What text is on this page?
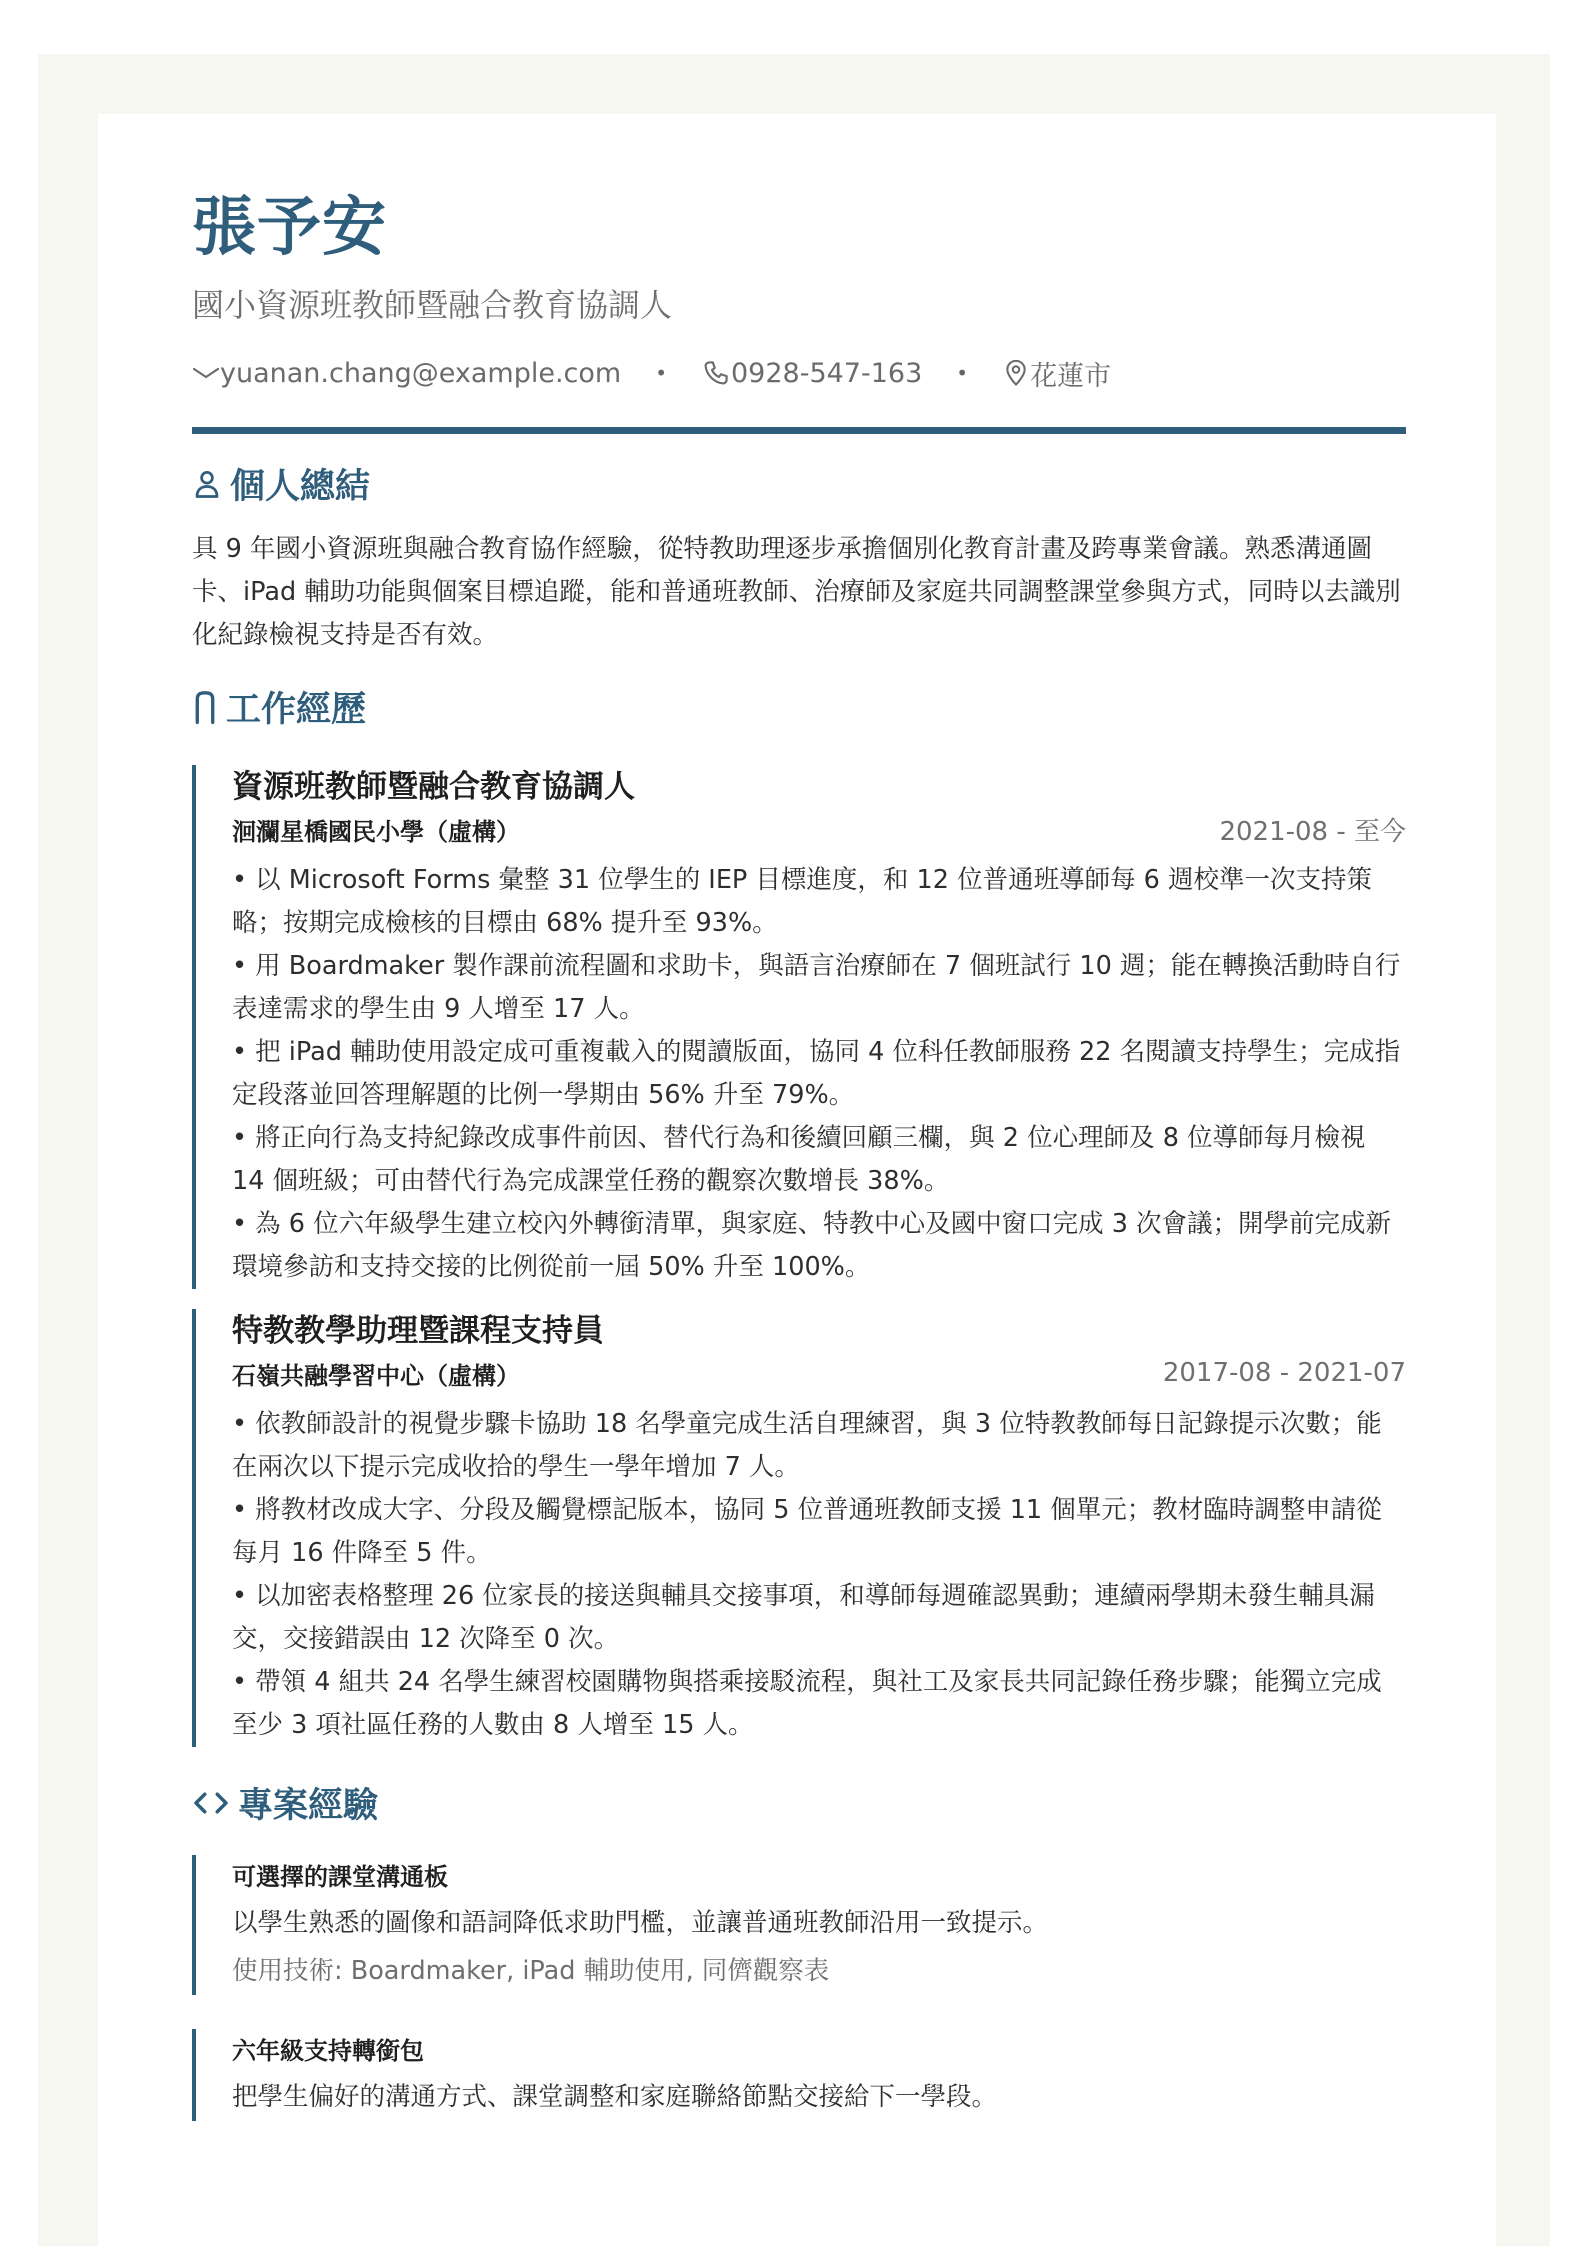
張予安
國小資源班教師暨融合教育協調人
yuanan.chang@example.com • 0928-547-163 • 花蓮市
個人總結
具 9 年國小資源班與融合教育協作經驗，從特教助理逐步承擔個別化教育計畫及跨專業會議。熟悉溝通圖卡、iPad 輔助功能與個案目標追蹤，能和普通班教師、治療師及家庭共同調整課堂參與方式，同時以去識別化紀錄檢視支持是否有效。
工作經歷
資源班教師暨融合教育協調人
洄瀾星橋國民小學（虛構）	2021-08 - 至今
• 以 Microsoft Forms 彙整 31 位學生的 IEP 目標進度，和 12 位普通班導師每 6 週校準一次支持策略；按期完成檢核的目標由 68% 提升至 93%。
• 用 Boardmaker 製作課前流程圖和求助卡，與語言治療師在 7 個班試行 10 週；能在轉換活動時自行表達需求的學生由 9 人增至 17 人。
• 把 iPad 輔助使用設定成可重複載入的閱讀版面，協同 4 位科任教師服務 22 名閱讀支持學生；完成指定段落並回答理解題的比例一學期由 56% 升至 79%。
• 將正向行為支持紀錄改成事件前因、替代行為和後續回顧三欄，與 2 位心理師及 8 位導師每月檢視 14 個班級；可由替代行為完成課堂任務的觀察次數增長 38%。
• 為 6 位六年級學生建立校內外轉銜清單，與家庭、特教中心及國中窗口完成 3 次會議；開學前完成新環境參訪和支持交接的比例從前一屆 50% 升至 100%。
特教教學助理暨課程支持員
石嶺共融學習中心（虛構）	2017-08 - 2021-07
• 依教師設計的視覺步驟卡協助 18 名學童完成生活自理練習，與 3 位特教教師每日記錄提示次數；能在兩次以下提示完成收拾的學生一學年增加 7 人。
• 將教材改成大字、分段及觸覺標記版本，協同 5 位普通班教師支援 11 個單元；教材臨時調整申請從每月 16 件降至 5 件。
• 以加密表格整理 26 位家長的接送與輔具交接事項，和導師每週確認異動；連續兩學期未發生輔具漏交，交接錯誤由 12 次降至 0 次。
• 帶領 4 組共 24 名學生練習校園購物與搭乘接駁流程，與社工及家長共同記錄任務步驟；能獨立完成至少 3 項社區任務的人數由 8 人增至 15 人。
專案經驗
可選擇的課堂溝通板
以學生熟悉的圖像和語詞降低求助門檻，並讓普通班教師沿用一致提示。
使用技術: Boardmaker, iPad 輔助使用, 同儕觀察表
六年級支持轉銜包
把學生偏好的溝通方式、課堂調整和家庭聯絡節點交接給下一學段。
